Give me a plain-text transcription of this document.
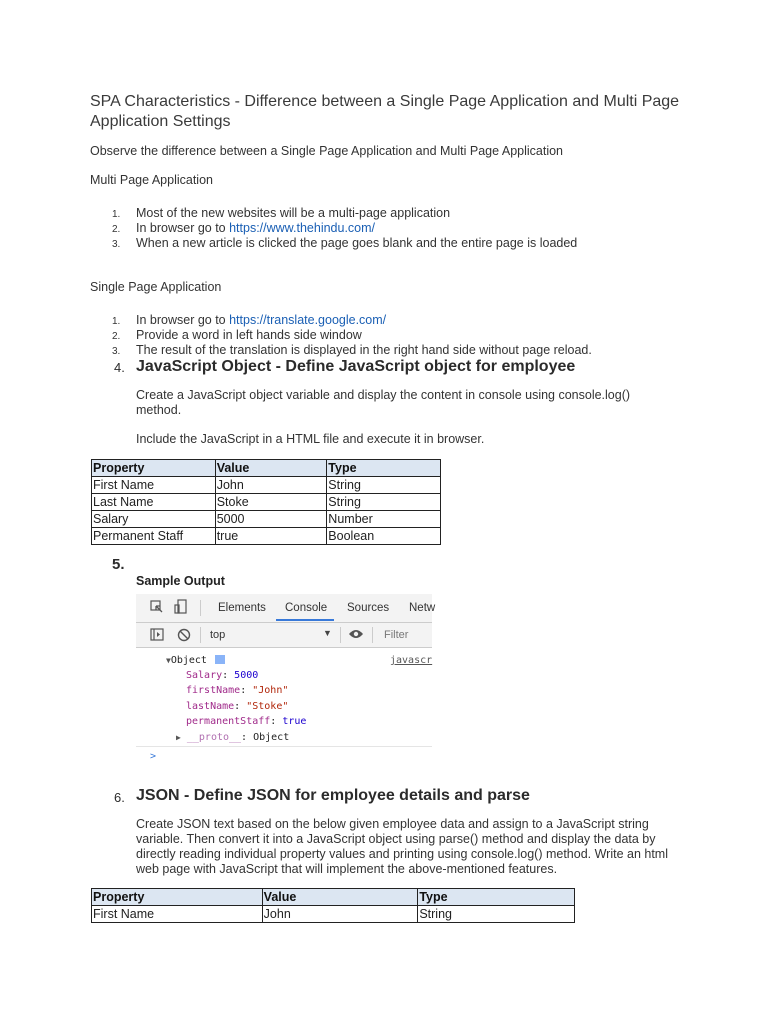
SPA Characteristics - Difference between a Single Page Application and Multi Page Application Settings
Observe the difference between a Single Page Application and Multi Page Application
Multi Page Application
1. Most of the new websites will be a multi-page application
2. In browser go to https://www.thehindu.com/
3. When a new article is clicked the page goes blank and the entire page is loaded
Single Page Application
1. In browser go to https://translate.google.com/
2. Provide a word in left hands side window
3. The result of the translation is displayed in the right hand side without page reload.
4. JavaScript Object - Define JavaScript object for employee
Create a JavaScript object variable and display the content in console using console.log() method.
Include the JavaScript in a HTML file and execute it in browser.
Property	Value	Type
First Name	John	String
Last Name	Stoke	String
Salary	5000	Number
Permanent Staff	true	Boolean
5.
Sample Output
Elements Console Sources Netw
top	▼	Filter
▼Object	javascr
Salary: 5000
firstName: "John"
lastName: "Stoke"
permanentStaff: true
▶ __proto__: Object
>
6. JSON - Define JSON for employee details and parse
Create JSON text based on the below given employee data and assign to a JavaScript string variable. Then convert it into a JavaScript object using parse() method and display the data by directly reading individual property values and printing using console.log() method. Write an html web page with JavaScript that will implement the above-mentioned features.
Property	Value	Type
First Name	John	String
